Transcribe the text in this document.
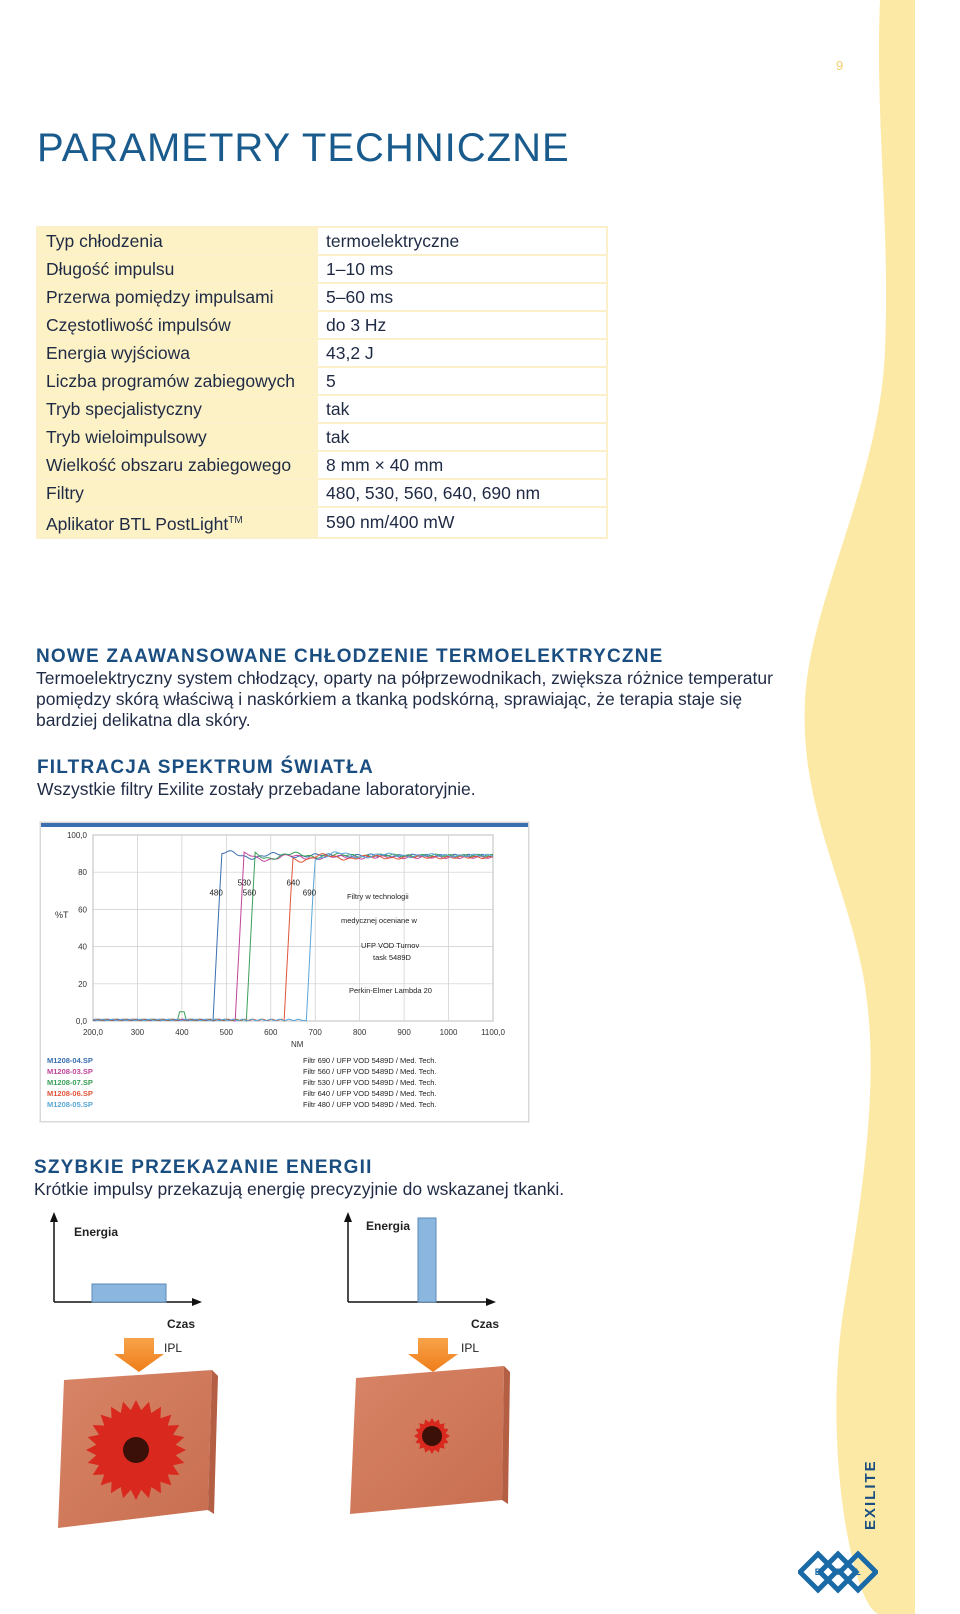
9
PARAMETRY TECHNICZNE
Typ chłodzenia	termoelektryczne
Długość impulsu	1–10 ms
Przerwa pomiędzy impulsami	5–60 ms
Częstotliwość impulsów	do 3 Hz
Energia wyjściowa	43,2 J
Liczba programów zabiegowych	5
Tryb specjalistyczny	tak
Tryb wieloimpulsowy	tak
Wielkość obszaru zabiegowego	8 mm × 40 mm
Filtry	480, 530, 560, 640, 690 nm
Aplikator BTL PostLight™	590 nm/400 mW
NOWE ZAAWANSOWANE CHŁODZENIE TERMOELEKTRYCZNE

Termoelektryczny system chłodzący, oparty na półprzewodnikach, zwiększa różnice temperatur pomiędzy skórą właściwą i naskórkiem a tkanką podskórną, sprawiając, że terapia staje się bardziej delikatna dla skóry.

FILTRACJA SPEKTRUM ŚWIATŁA

Wszystkie filtry Exilite zostały przebadane laboratoryjnie.

200,0	300	400	500	600	700	800	900	1000	1100,0
0,0
20
40
60
80
100,0
%T
NM
480
530
560
640
690	Filtry w technologii
medycznej oceniane w
UFP VOD Turnov
task 5489D
Perkin-Elmer Lambda 20
M1208-04.SP
M1208-03.SP
M1208-07.SP
M1208-06.SP
M1208-05.SP
Filtr 690 / UFP VOD 5489D / Med. Tech.
Filtr 560 / UFP VOD 5489D / Med. Tech.
Filtr 530 / UFP VOD 5489D / Med. Tech.
Filtr 640 / UFP VOD 5489D / Med. Tech.
Filtr 480 / UFP VOD 5489D / Med. Tech.
SZYBKIE PRZEKAZANIE ENERGII

Krótkie impulsy przekazują energię precyzyjnie do wskazanej tkanki.

Energia
Czas
IPL
Energia
Czas
IPL
EXILITE
B T L
